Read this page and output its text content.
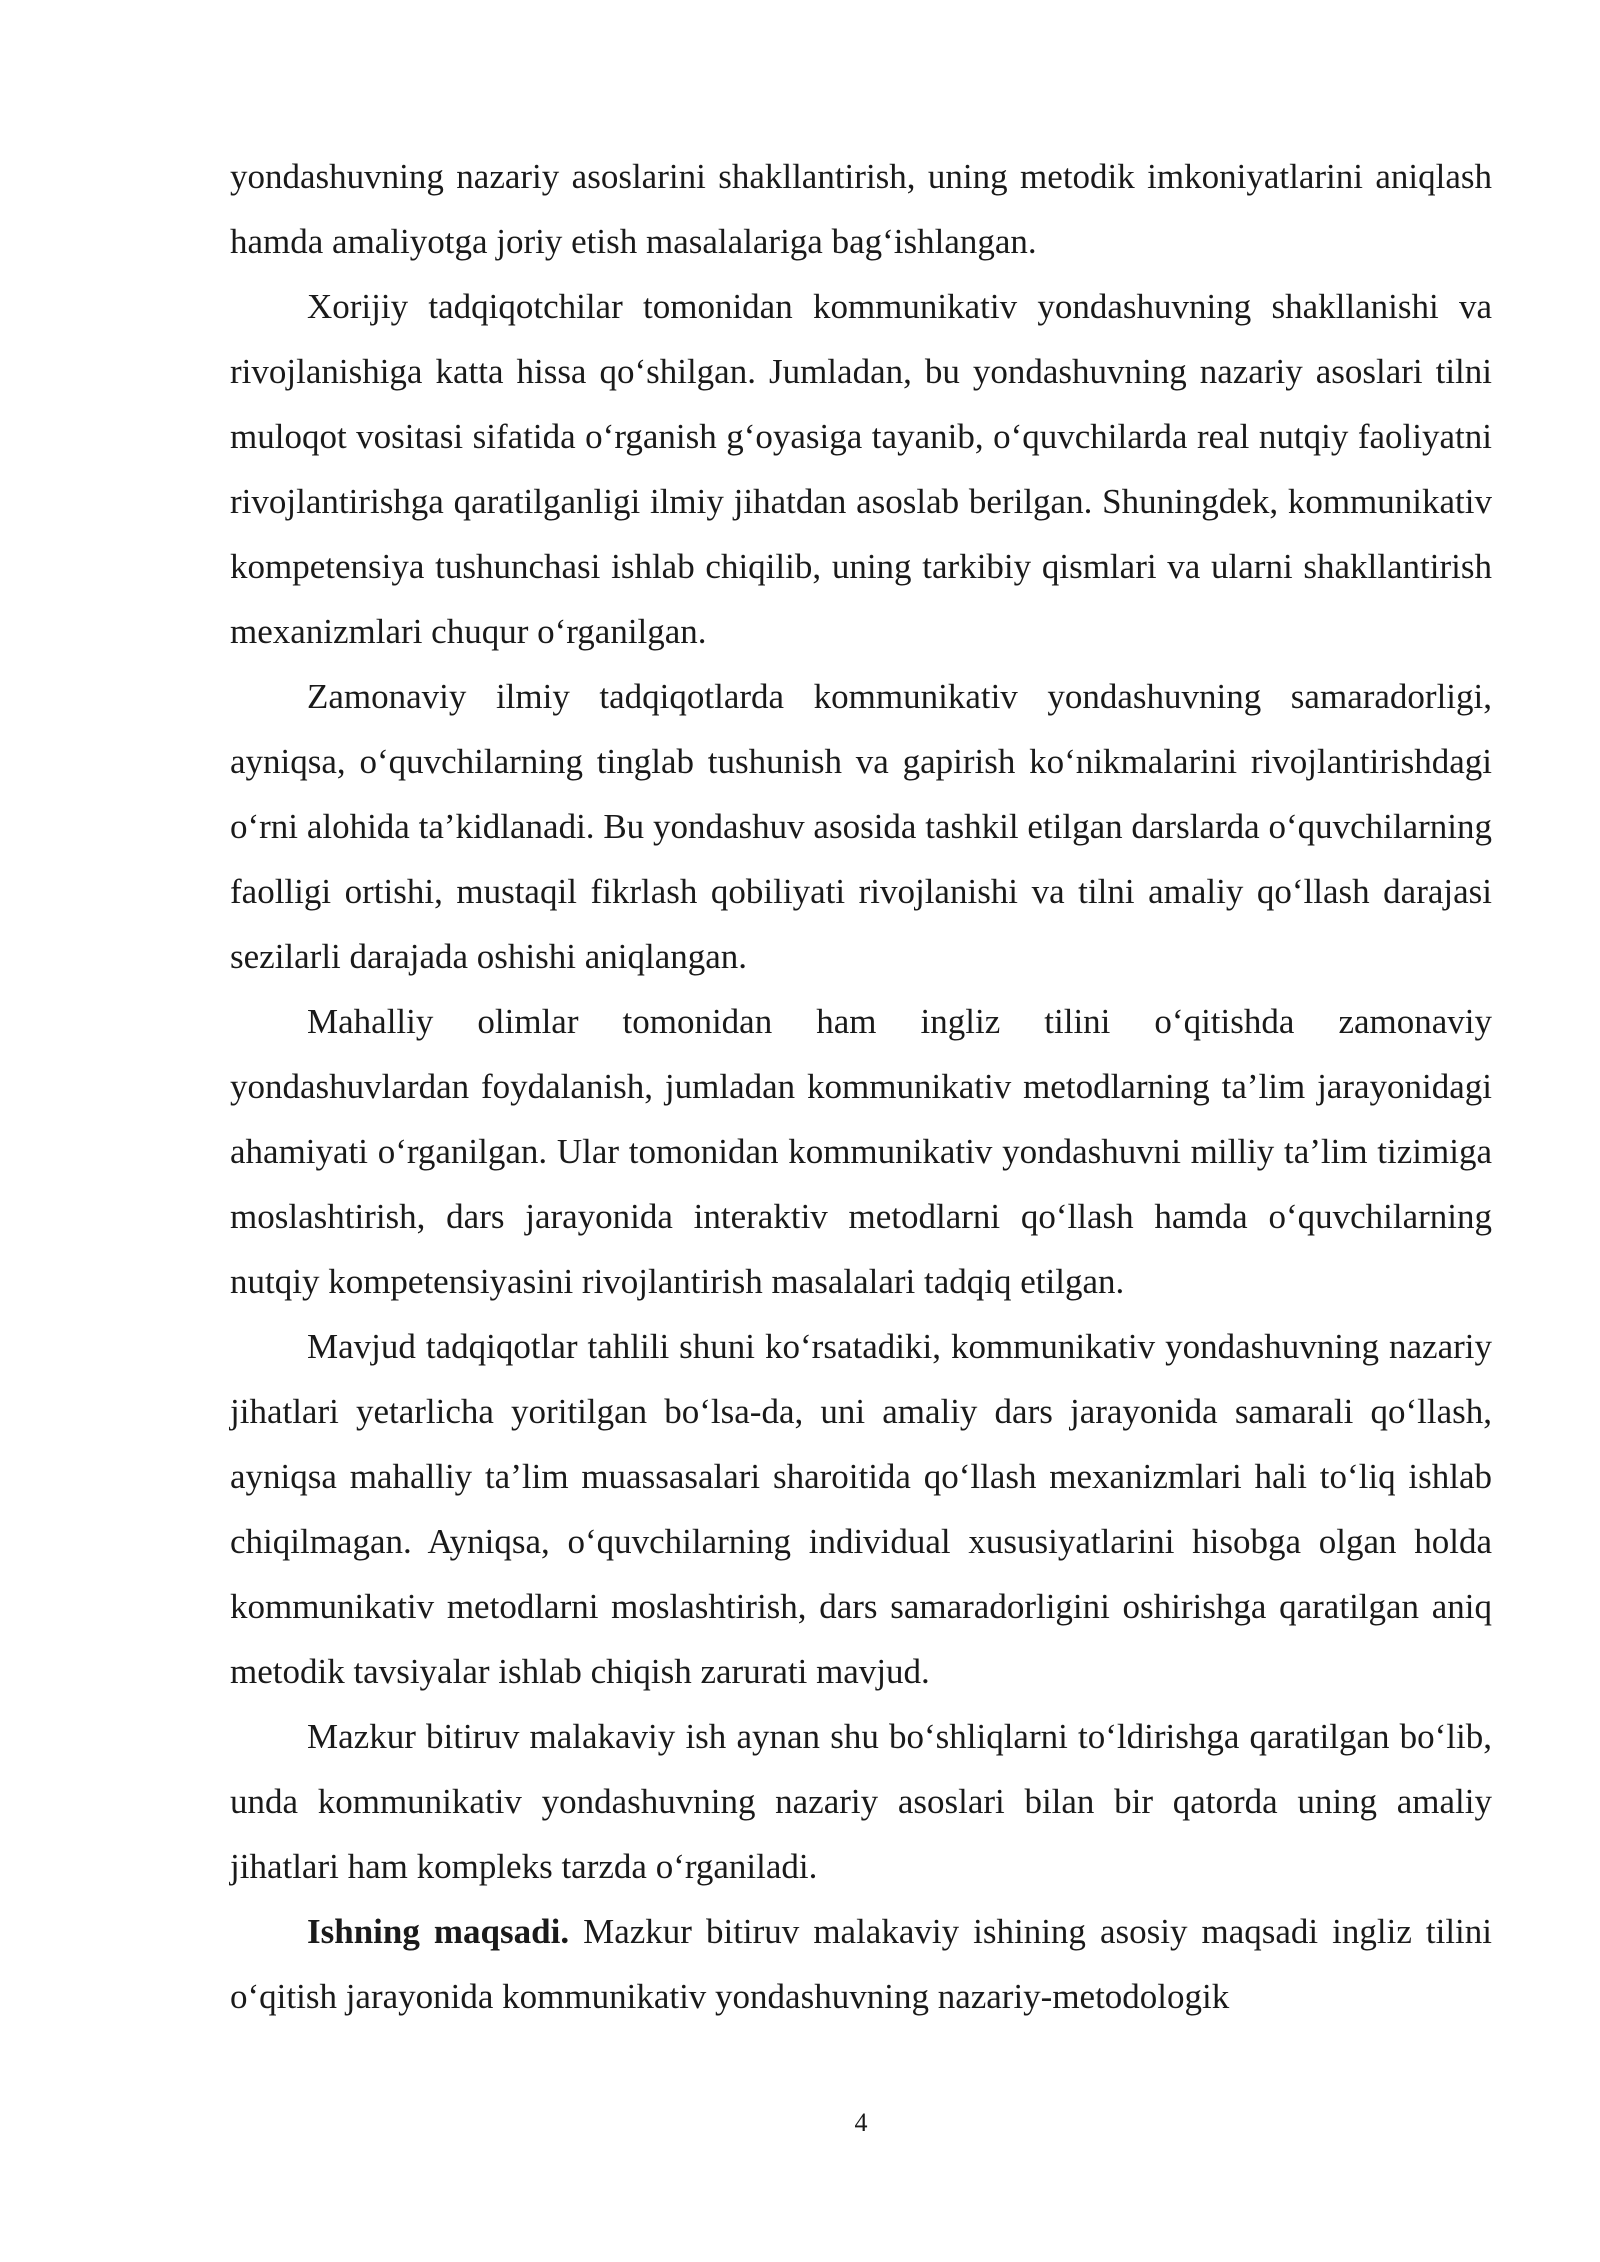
yondashuvning nazariy asoslarini shakllantirish, uning metodik imkoniyatlarini aniqlash hamda amaliyotga joriy etish masalalariga bag‘ishlangan.

Xorijiy tadqiqotchilar tomonidan kommunikativ yondashuvning shakllanishi va rivojlanishiga katta hissa qo‘shilgan. Jumladan, bu yondashuvning nazariy asoslari tilni muloqot vositasi sifatida o‘rganish g‘oyasiga tayanib, o‘quvchilarda real nutqiy faoliyatni rivojlantirishga qaratilganligi ilmiy jihatdan asoslab berilgan. Shuningdek, kommunikativ kompetensiya tushunchasi ishlab chiqilib, uning tarkibiy qismlari va ularni shakllantirish mexanizmlari chuqur o‘rganilgan.

Zamonaviy ilmiy tadqiqotlarda kommunikativ yondashuvning samaradorligi, ayniqsa, o‘quvchilarning tinglab tushunish va gapirish ko‘nikmalarini rivojlantirishdagi o‘rni alohida ta’kidlanadi. Bu yondashuv asosida tashkil etilgan darslarda o‘quvchilarning faolligi ortishi, mustaqil fikrlash qobiliyati rivojlanishi va tilni amaliy qo‘llash darajasi sezilarli darajada oshishi aniqlangan.

Mahalliy olimlar tomonidan ham ingliz tilini o‘qitishda zamonaviy yondashuvlardan foydalanish, jumladan kommunikativ metodlarning ta’lim jarayonidagi ahamiyati o‘rganilgan. Ular tomonidan kommunikativ yondashuvni milliy ta’lim tizimiga moslashtirish, dars jarayonida interaktiv metodlarni qo‘llash hamda o‘quvchilarning nutqiy kompetensiyasini rivojlantirish masalalari tadqiq etilgan.

Mavjud tadqiqotlar tahlili shuni ko‘rsatadiki, kommunikativ yondashuvning nazariy jihatlari yetarlicha yoritilgan bo‘lsa-da, uni amaliy dars jarayonida samarali qo‘llash, ayniqsa mahalliy ta’lim muassasalari sharoitida qo‘llash mexanizmlari hali to‘liq ishlab chiqilmagan. Ayniqsa, o‘quvchilarning individual xususiyatlarini hisobga olgan holda kommunikativ metodlarni moslashtirish, dars samaradorligini oshirishga qaratilgan aniq metodik tavsiyalar ishlab chiqish zarurati mavjud.

Mazkur bitiruv malakaviy ish aynan shu bo‘shliqlarni to‘ldirishga qaratilgan bo‘lib, unda kommunikativ yondashuvning nazariy asoslari bilan bir qatorda uning amaliy jihatlari ham kompleks tarzda o‘rganiladi.

Ishning maqsadi. Mazkur bitiruv malakaviy ishining asosiy maqsadi ingliz tilini o‘qitish jarayonida kommunikativ yondashuvning nazariy-metodologik

4
